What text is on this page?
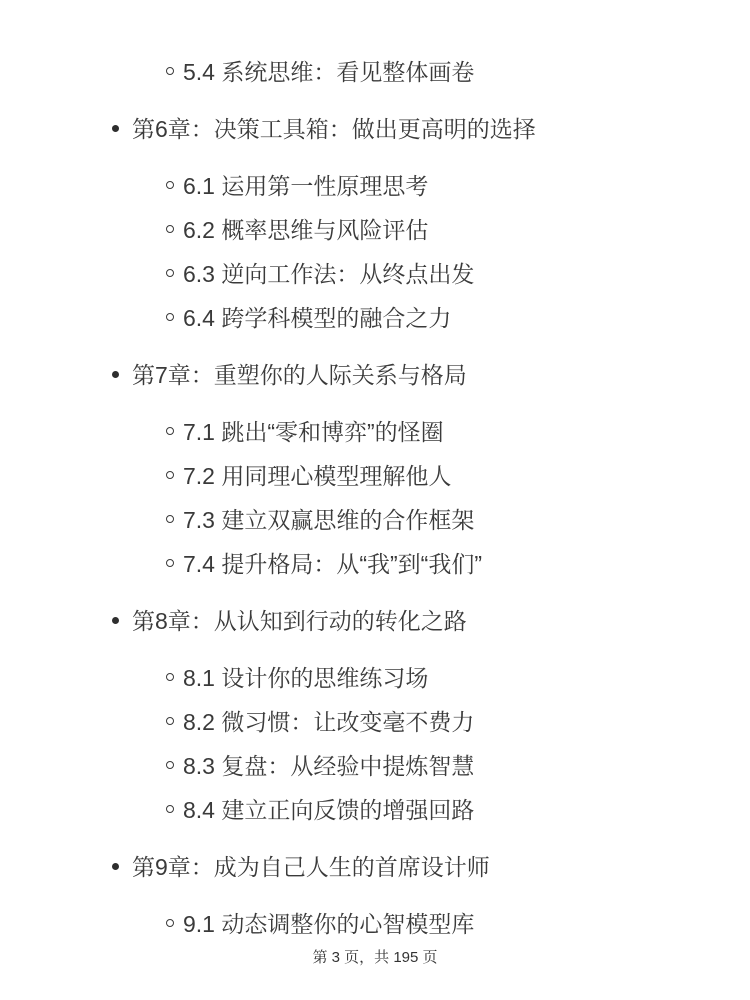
5.4 系统思维：看见整体画卷
第6章：决策工具箱：做出更高明的选择
6.1 运用第一性原理思考
6.2 概率思维与风险评估
6.3 逆向工作法：从终点出发
6.4 跨学科模型的融合之力
第7章：重塑你的人际关系与格局
7.1 跳出“零和博弈”的怪圈
7.2 用同理心模型理解他人
7.3 建立双赢思维的合作框架
7.4 提升格局：从“我”到“我们”
第8章：从认知到行动的转化之路
8.1 设计你的思维练习场
8.2 微习惯：让改变毫不费力
8.3 复盘：从经验中提炼智慧
8.4 建立正向反馈的增强回路
第9章：成为自己人生的首席设计师
9.1 动态调整你的心智模型库
第 3 页，共 195 页
